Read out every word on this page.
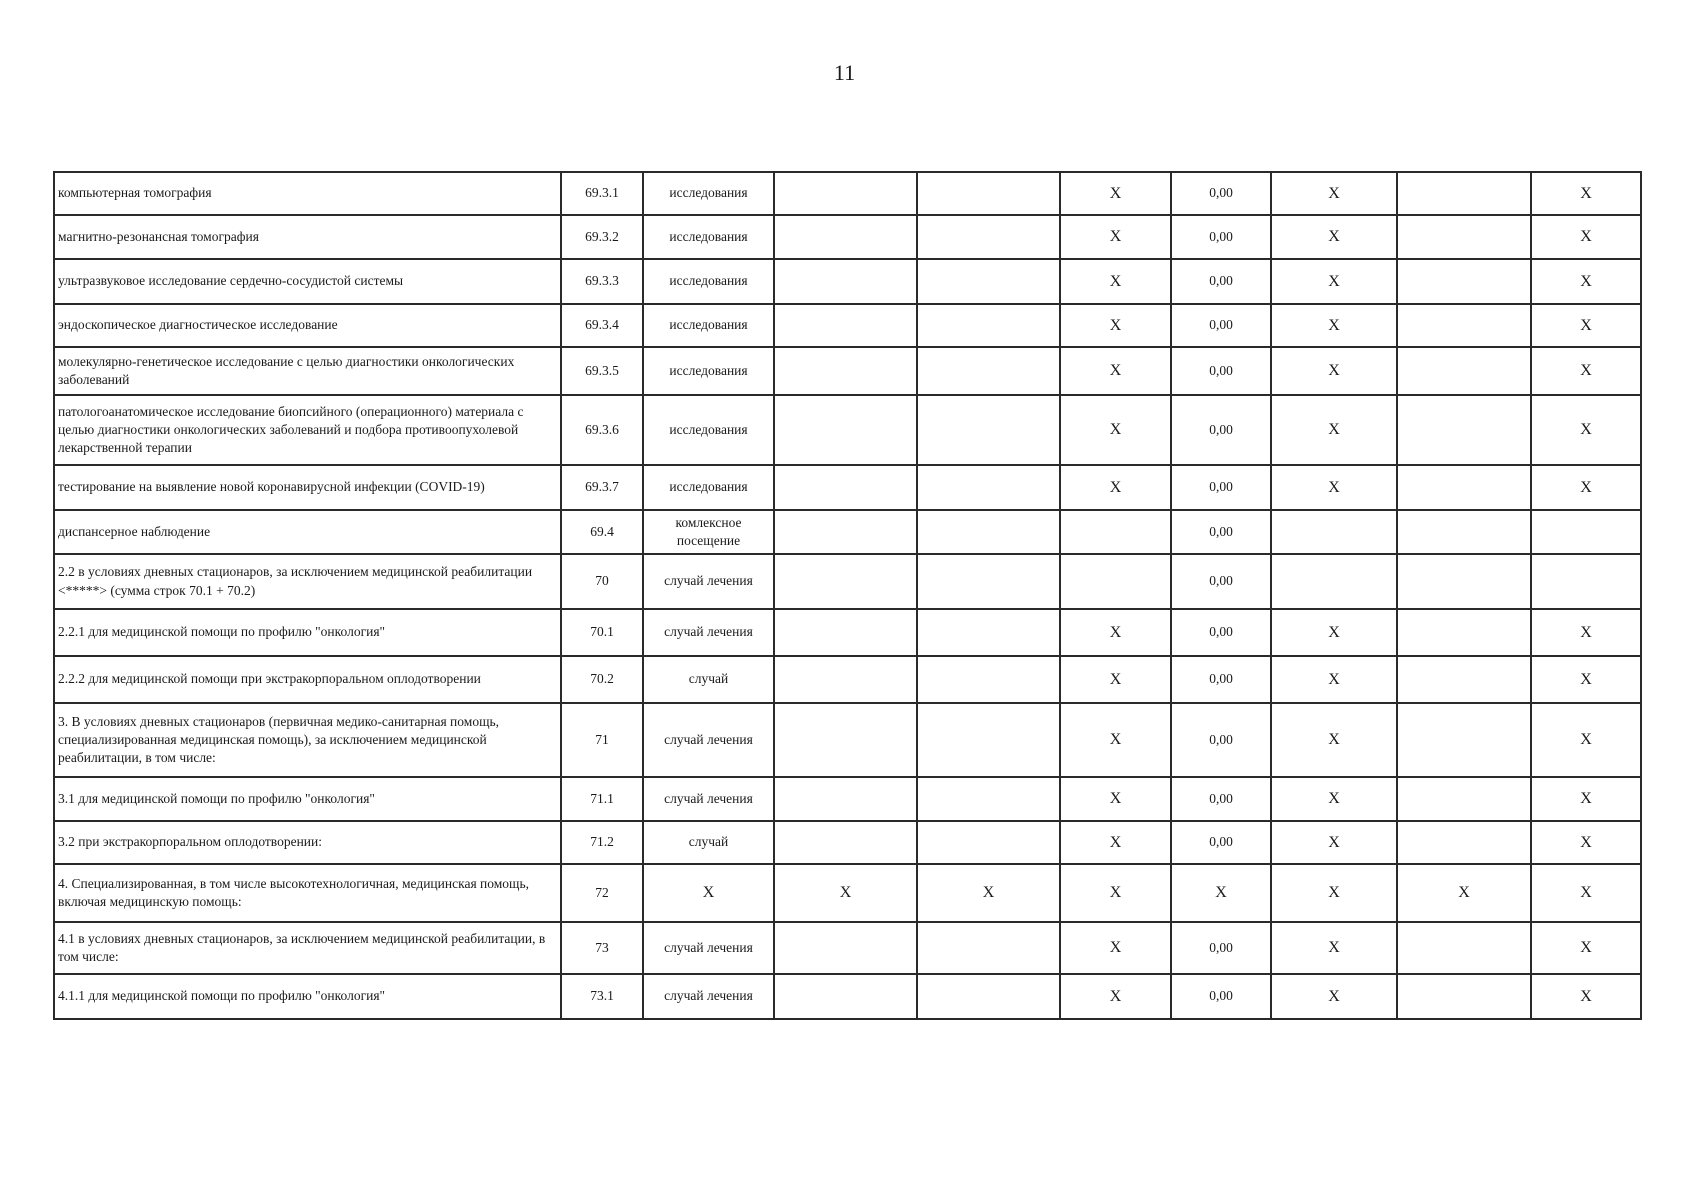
11
компьютерная томография	69.3.1	исследования			X	0,00	X		X
магнитно-резонансная томография	69.3.2	исследования			X	0,00	X		X
ультразвуковое исследование сердечно-сосудистой системы	69.3.3	исследования			X	0,00	X		X
эндоскопическое диагностическое исследование	69.3.4	исследования			X	0,00	X		X
молекулярно-генетическое исследование с целью диагностики онкологических заболеваний	69.3.5	исследования			X	0,00	X		X
патологоанатомическое исследование биопсийного (операционного) материала с целью диагностики онкологических заболеваний и подбора противоопухолевой лекарственной терапии	69.3.6	исследования			X	0,00	X		X
тестирование на выявление новой коронавирусной инфекции (COVID-19)	69.3.7	исследования			X	0,00	X		X
диспансерное наблюдение	69.4	комлексное посещение				0,00			
2.2 в условиях дневных стационаров, за исключением медицинской реабилитации <*****> (сумма строк 70.1 + 70.2)	70	случай лечения				0,00			
2.2.1 для медицинской помощи по профилю "онкология"	70.1	случай лечения			X	0,00	X		X
2.2.2 для медицинской помощи при экстракорпоральном оплодотворении	70.2	случай			X	0,00	X		X
3. В условиях дневных стационаров (первичная медико-санитарная помощь, специализированная медицинская помощь), за исключением медицинской реабилитации, в том числе:	71	случай лечения			X	0,00	X		X
3.1 для медицинской помощи по профилю "онкология"	71.1	случай лечения			X	0,00	X		X
3.2 при экстракорпоральном оплодотворении:	71.2	случай			X	0,00	X		X
4. Специализированная, в том числе высокотехнологичная, медицинская помощь, включая медицинскую помощь:	72	X	X	X	X	X	X	X	X
4.1 в условиях дневных стационаров, за исключением медицинской реабилитации, в том числе:	73	случай лечения			X	0,00	X		X
4.1.1 для медицинской помощи по профилю "онкология"	73.1	случай лечения			X	0,00	X		X
